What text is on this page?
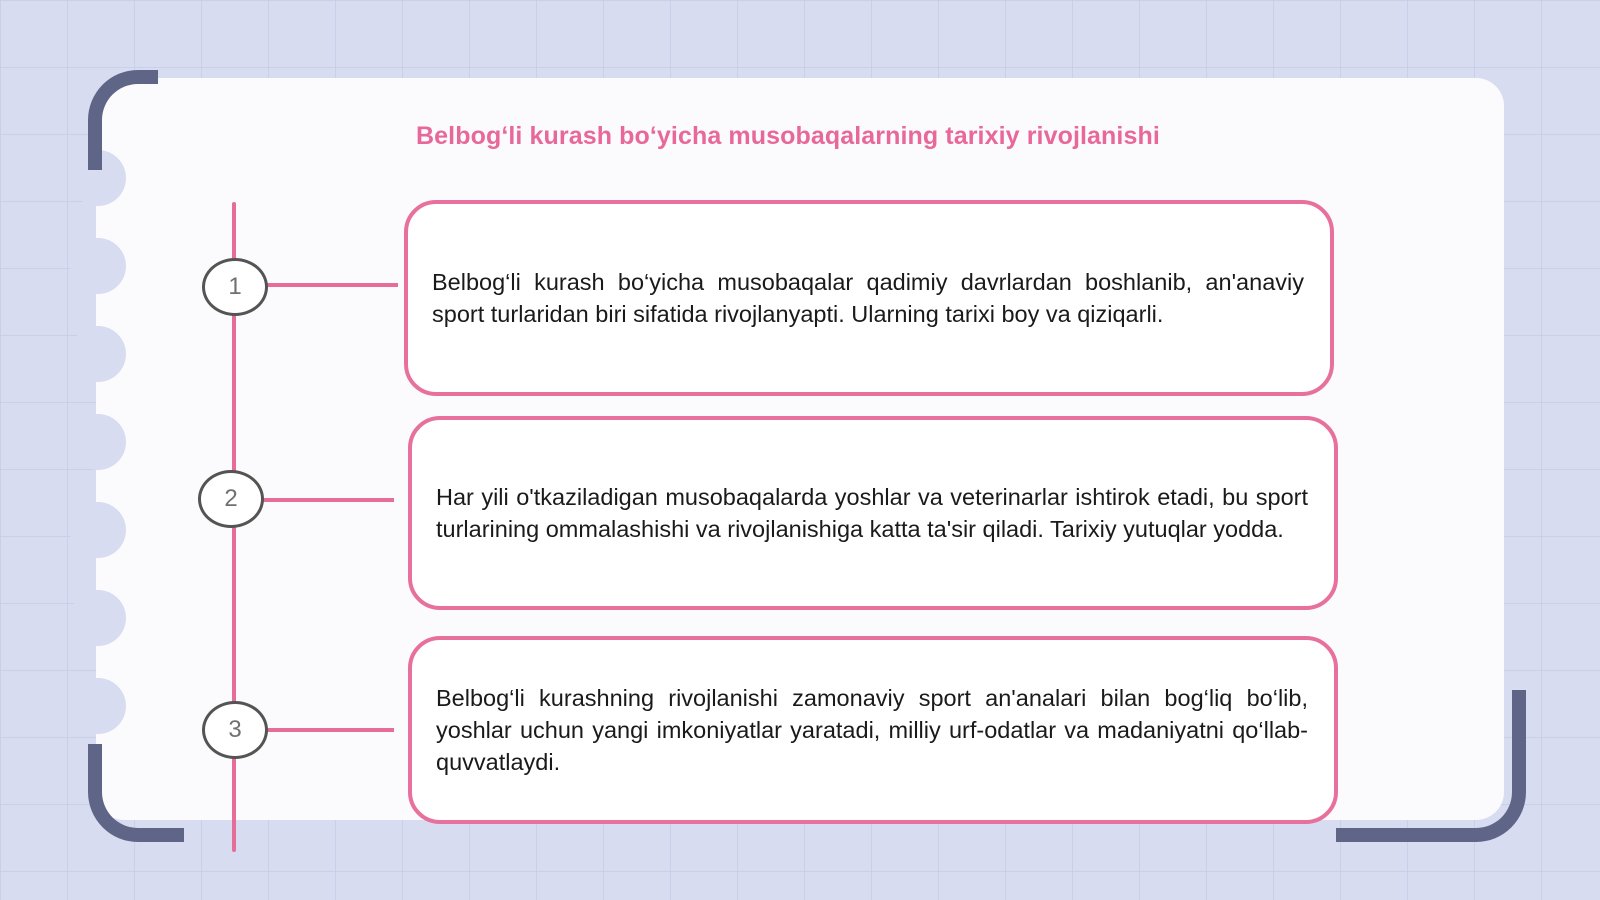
Belbog‘li kurash bo‘yicha musobaqalarning tarixiy rivojlanishi
1	Belbog‘li kurash bo‘yicha musobaqalar qadimiy davrlardan boshlanib, an'anaviy sport turlaridan biri sifatida rivojlanyapti. Ularning tarixi boy va qiziqarli.
2	Har yili o'tkaziladigan musobaqalarda yoshlar va veterinarlar ishtirok etadi, bu sport turlarining ommalashishi va rivojlanishiga katta ta'sir qiladi. Tarixiy yutuqlar yodda.
3
Belbog‘li kurashning rivojlanishi zamonaviy sport an'analari bilan bog‘liq bo‘lib, yoshlar uchun yangi imkoniyatlar yaratadi, milliy urf-odatlar va madaniyatni qo‘llab-quvvatlaydi.
